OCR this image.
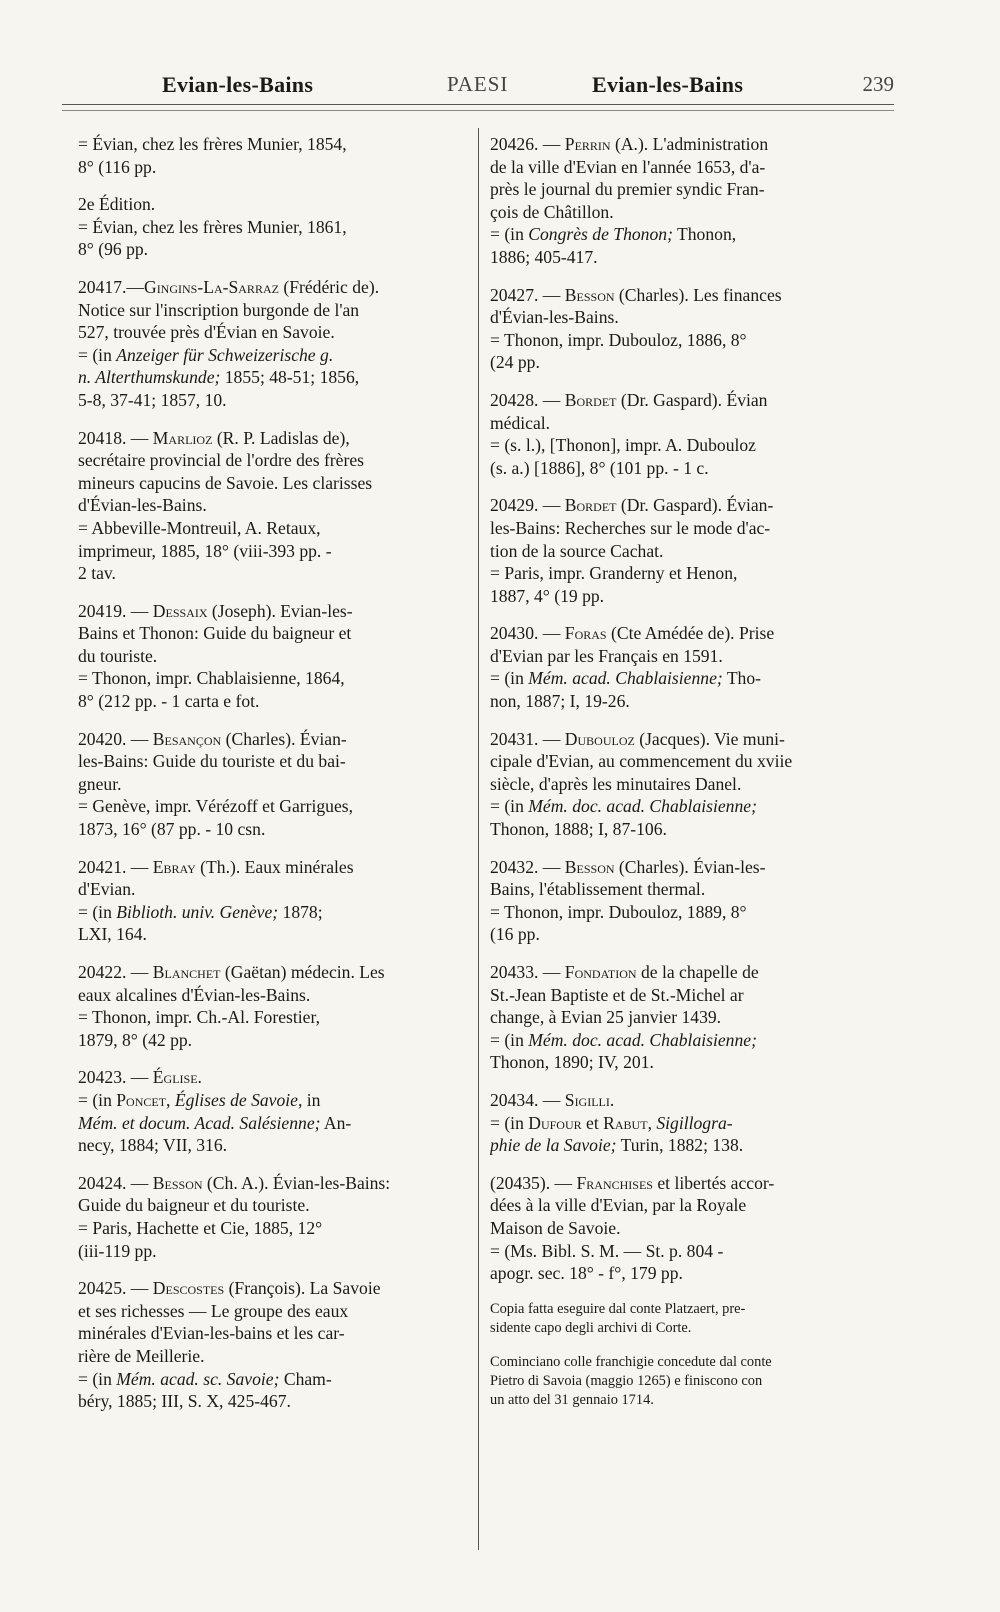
Evian-les-Bains	PAESI	Evian-les-Bains	239
= Évian, chez les frères Munier, 1854,
8° (116 pp.
2e Édition.
= Évian, chez les frères Munier, 1861,
8° (96 pp.
20417.—Gingins-La-Sarraz (Frédéric de).
Notice sur l'inscription burgonde de l'an
527, trouvée près d'Évian en Savoie.
= (in Anzeiger für Schweizerische g.
n. Alterthumskunde; 1855; 48-51; 1856,
5-8, 37-41; 1857, 10.
20418. — Marlioz (R. P. Ladislas de),
secrétaire provincial de l'ordre des frères
mineurs capucins de Savoie. Les clarisses
d'Évian-les-Bains.
= Abbeville-Montreuil, A. Retaux,
imprimeur, 1885, 18° (viii-393 pp. -
2 tav.
20419. — Dessaix (Joseph). Evian-les-
Bains et Thonon: Guide du baigneur et
du touriste.
= Thonon, impr. Chablaisienne, 1864,
8° (212 pp. - 1 carta e fot.
20420. — Besançon (Charles). Évian-
les-Bains: Guide du touriste et du bai-
gneur.
= Genève, impr. Vérézoff et Garrigues,
1873, 16° (87 pp. - 10 csn.
20421. — Ebray (Th.). Eaux minérales
d'Evian.
= (in Biblioth. univ. Genève; 1878;
LXI, 164.
20422. — Blanchet (Gaëtan) médecin. Les
eaux alcalines d'Évian-les-Bains.
= Thonon, impr. Ch.-Al. Forestier,
1879, 8° (42 pp.
20423. — Église.
= (in Poncet, Églises de Savoie, in
Mém. et docum. Acad. Salésienne; An-
necy, 1884; VII, 316.
20424. — Besson (Ch. A.). Évian-les-Bains:
Guide du baigneur et du touriste.
= Paris, Hachette et Cie, 1885, 12°
(iii-119 pp.
20425. — Descostes (François). La Savoie
et ses richesses — Le groupe des eaux
minérales d'Evian-les-bains et les car-
rière de Meillerie.
= (in Mém. acad. sc. Savoie; Cham-
béry, 1885; III, S. X, 425-467.
20426. — Perrin (A.). L'administration
de la ville d'Evian en l'année 1653, d'a-
près le journal du premier syndic Fran-
çois de Châtillon.
= (in Congrès de Thonon; Thonon,
1886; 405-417.
20427. — Besson (Charles). Les finances
d'Évian-les-Bains.
= Thonon, impr. Dubouloz, 1886, 8°
(24 pp.
20428. — Bordet (Dr. Gaspard). Évian
médical.
= (s. l.), [Thonon], impr. A. Dubouloz
(s. a.) [1886], 8° (101 pp. - 1 c.
20429. — Bordet (Dr. Gaspard). Évian-
les-Bains: Recherches sur le mode d'ac-
tion de la source Cachat.
= Paris, impr. Granderny et Henon,
1887, 4° (19 pp.
20430. — Foras (Cte Amédée de). Prise
d'Evian par les Français en 1591.
= (in Mém. acad. Chablaisienne; Tho-
non, 1887; I, 19-26.
20431. — Dubouloz (Jacques). Vie muni-
cipale d'Evian, au commencement du xviie
siècle, d'après les minutaires Danel.
= (in Mém. doc. acad. Chablaisienne;
Thonon, 1888; I, 87-106.
20432. — Besson (Charles). Évian-les-
Bains, l'établissement thermal.
= Thonon, impr. Dubouloz, 1889, 8°
(16 pp.
20433. — Fondation de la chapelle de
St.-Jean Baptiste et de St.-Michel ar
change, à Evian 25 janvier 1439.
= (in Mém. doc. acad. Chablaisienne;
Thonon, 1890; IV, 201.
20434. — Sigilli.
= (in Dufour et Rabut, Sigillogra-
phie de la Savoie; Turin, 1882; 138.
(20435). — Franchises et libertés accor-
dées à la ville d'Evian, par la Royale
Maison de Savoie.
= (Ms. Bibl. S. M. — St. p. 804 -
apogr. sec. 18° - f°, 179 pp.
Copia fatta eseguire dal conte Platzaert, pre-
sidente capo degli archivi di Corte.
Cominciano colle franchigie concedute dal conte
Pietro di Savoia (maggio 1265) e finiscono con
un atto del 31 gennaio 1714.
